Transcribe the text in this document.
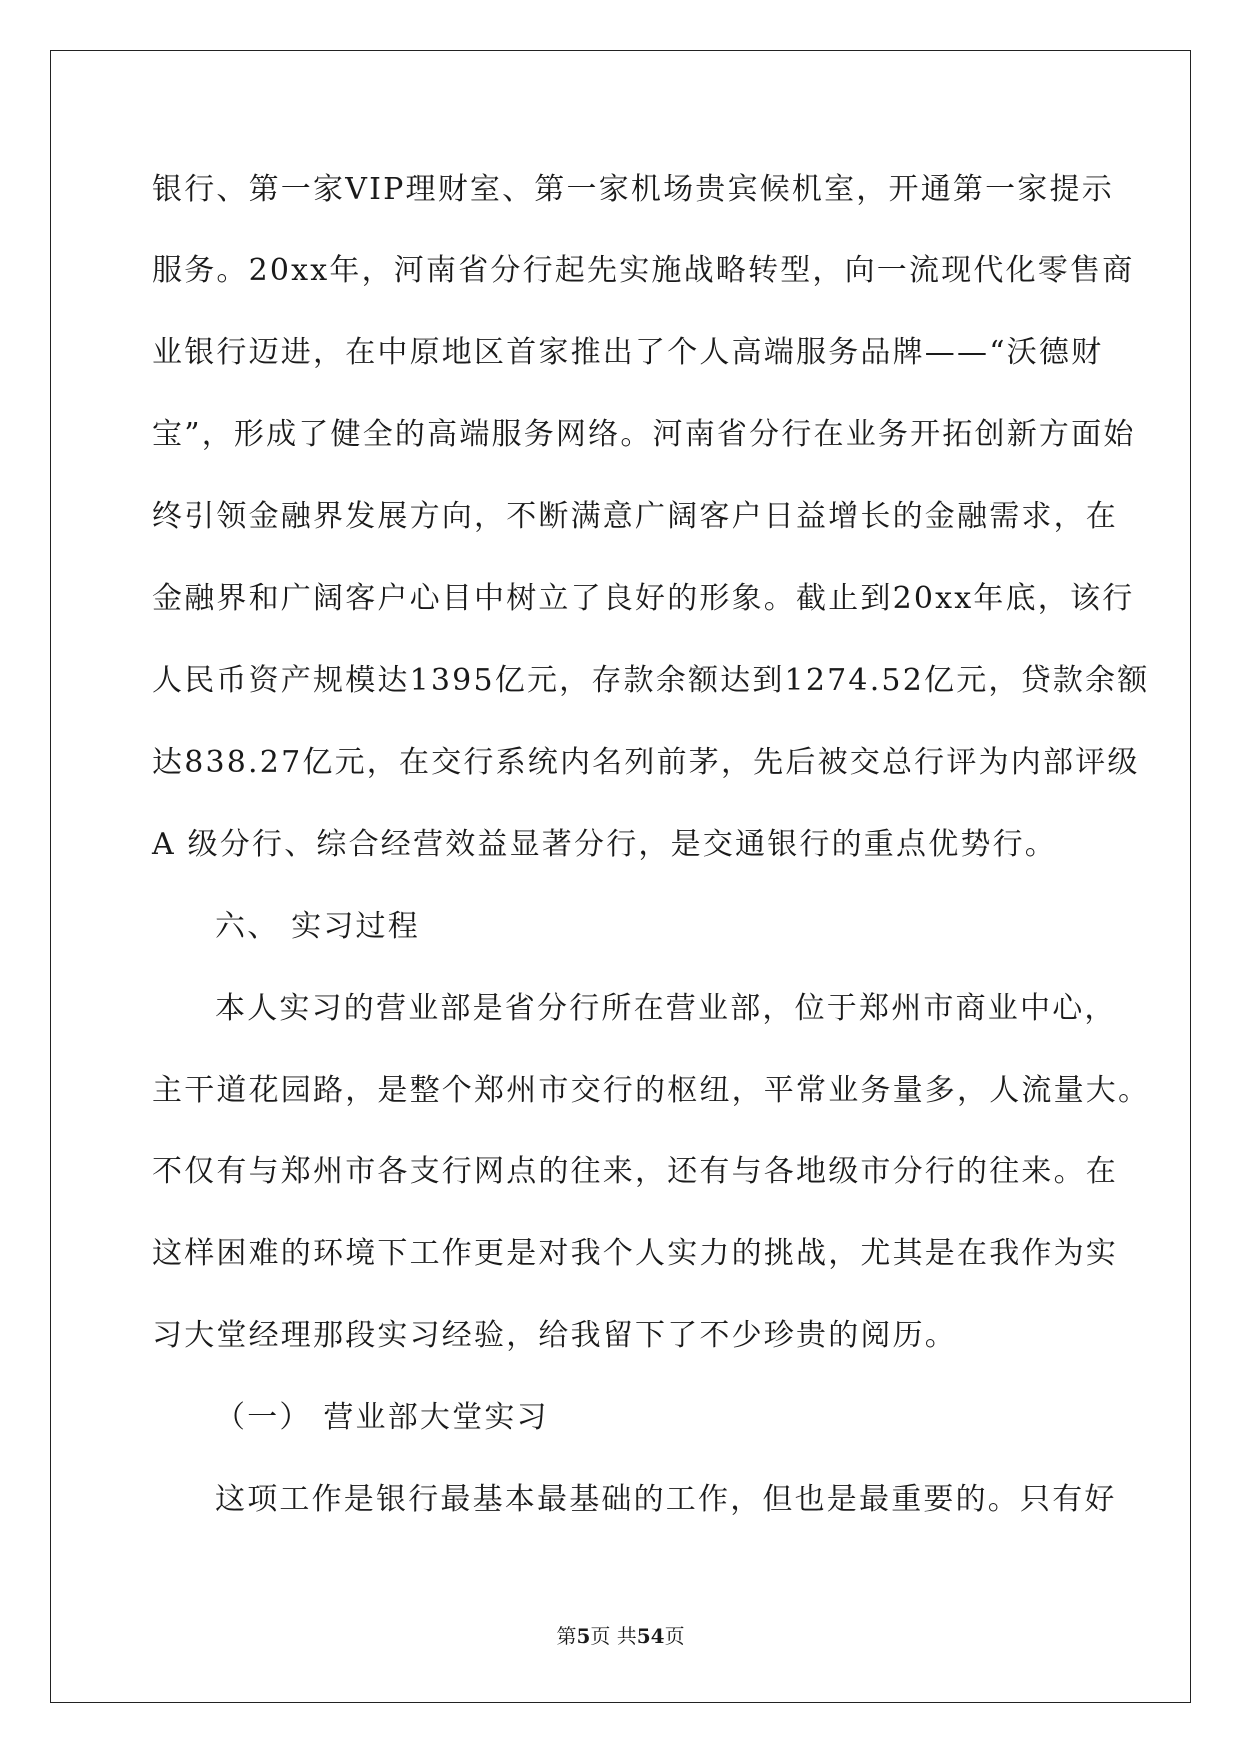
银行、第一家VIP理财室、第一家机场贵宾候机室，开通第一家提示
服务。20xx年，河南省分行起先实施战略转型，向一流现代化零售商
业银行迈进，在中原地区首家推出了个人高端服务品牌——“沃德财
宝”，形成了健全的高端服务网络。河南省分行在业务开拓创新方面始
终引领金融界发展方向，不断满意广阔客户日益增长的金融需求，在
金融界和广阔客户心目中树立了良好的形象。截止到20xx年底，该行
人民币资产规模达1395亿元，存款余额达到1274.52亿元，贷款余额
达838.27亿元，在交行系统内名列前茅，先后被交总行评为内部评级
A 级分行、综合经营效益显著分行，是交通银行的重点优势行。
六、 实习过程
本人实习的营业部是省分行所在营业部，位于郑州市商业中心，
主干道花园路，是整个郑州市交行的枢纽，平常业务量多，人流量大。
不仅有与郑州市各支行网点的往来，还有与各地级市分行的往来。在
这样困难的环境下工作更是对我个人实力的挑战，尤其是在我作为实
习大堂经理那段实习经验，给我留下了不少珍贵的阅历。
（一） 营业部大堂实习
这项工作是银行最基本最基础的工作，但也是最重要的。只有好
第5页 共54页
